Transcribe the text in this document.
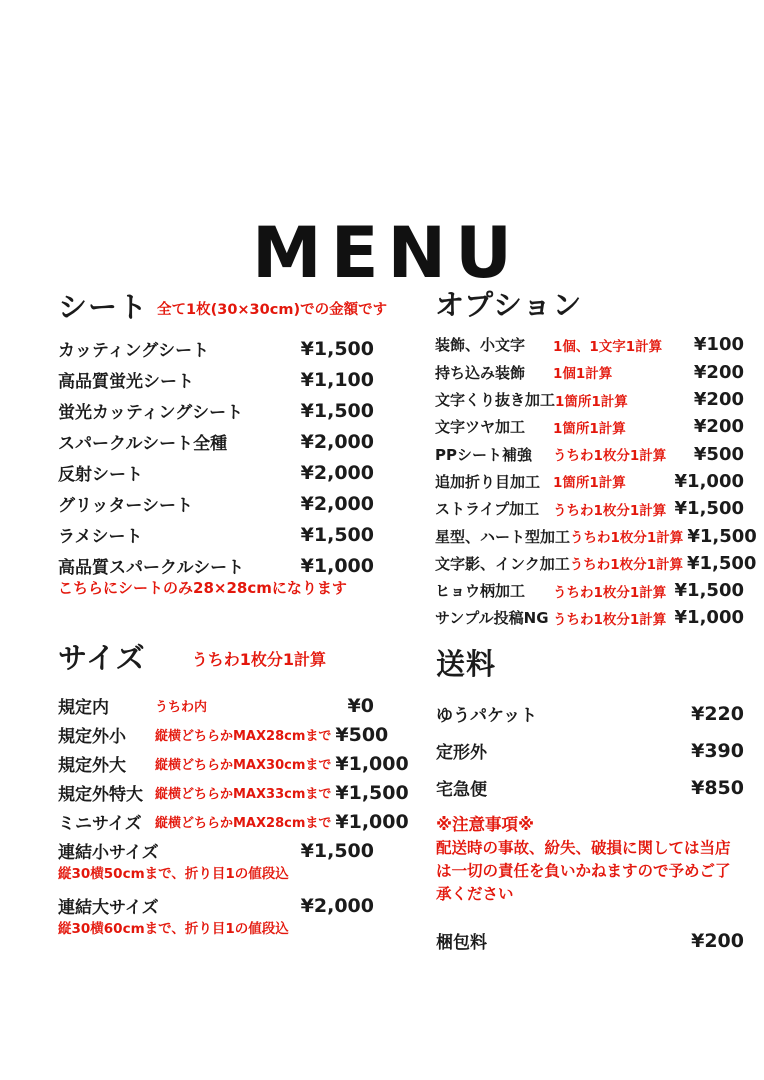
MENU
シート 全て1枚(30×30cm)での金額です
カッティングシート	¥1,500
高品質蛍光シート	¥1,100
蛍光カッティングシート	¥1,500
スパークルシート全種	¥2,000
反射シート	¥2,000
グリッターシート	¥2,000
ラメシート	¥1,500
高品質スパークルシート	¥1,000
こちらにシートのみ28×28cmになります
オプション
装飾、小文字	1個、1文字1計算 ¥100
持ち込み装飾	1個1計算	¥200
文字くり抜き加工 1箇所1計算	¥200
文字ツヤ加工	1箇所1計算	¥200
PPシート補強	うちわ1枚分1計算 ¥500
追加折り目加工 1箇所1計算	¥1,000
ストライプ加工	うちわ1枚分1計算 ¥1,500
星型、ハート型加工 うちわ1枚分1計算 ¥1,500
文字影、インク加工 うちわ1枚分1計算 ¥1,500
ヒョウ柄加工	うちわ1枚分1計算 ¥1,500
サンプル投稿NG うちわ1枚分1計算 ¥1,000
サイズ	うちわ1枚分1計算
規定内	うちわ内	¥0
規定外小	縦横どちらかMAX28cmまで ¥500
規定外大	縦横どちらかMAX30cmまで ¥1,000
規定外特大 縦横どちらかMAX33cmまで ¥1,500
ミニサイズ	縦横どちらかMAX28cmまで ¥1,000
連結小サイズ	¥1,500
縦30横50cmまで、折り目1の値段込
連結大サイズ	¥2,000
縦30横60cmまで、折り目1の値段込
送料
ゆうパケット	¥220
定形外	¥390
宅急便	¥850
※注意事項※
配送時の事故、紛失、破損に関しては当店は一切の責任を負いかねますので予めご了承ください
梱包料	¥200
